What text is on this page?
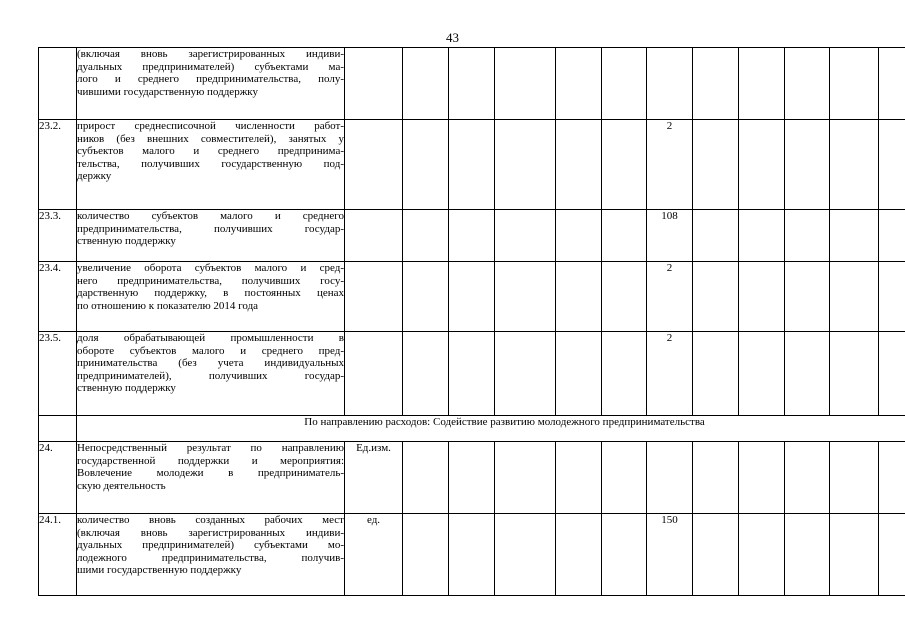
43

	(включая вновь зарегистрированных индиви-
дуальных предпринимателей) субъектами ма-
лого и среднего предпринимательства, полу-
чившими государственную поддержку												

23.2.	прирост среднесписочной численности работ-
ников (без внешних совместителей), занятых у
субъектов малого и среднего предпринима-
тельства, получивших государственную под-
держку							2					
23.3.	количество субъектов малого и среднего
предпринимательства, получивших государ-
ственную поддержку							108					
23.4.	увеличение оборота субъектов малого и сред-
него предпринимательства, получивших госу-
дарственную поддержку, в постоянных ценах
по отношению к показателю 2014 года							2					
23.5.	доля обрабатывающей промышленности в
обороте субъектов малого и среднего пред-
принимательства (без учета индивидуальных
предпринимателей), получивших государ-
ственную поддержку							2					
	По направлению расходов: Содействие развитию молодежного предпринимательства												
24.	Непосредственный результат по направлению
государственной поддержки и мероприятия:
Вовлечение молодежи в предприниматель-
скую деятельность	Ед.изм.											
24.1.	количество вновь созданных рабочих мест
(включая вновь зарегистрированных индиви-
дуальных предпринимателей) субъектами мо-
лодежного предпринимательства, получив-
шими государственную поддержку	ед.						150					
